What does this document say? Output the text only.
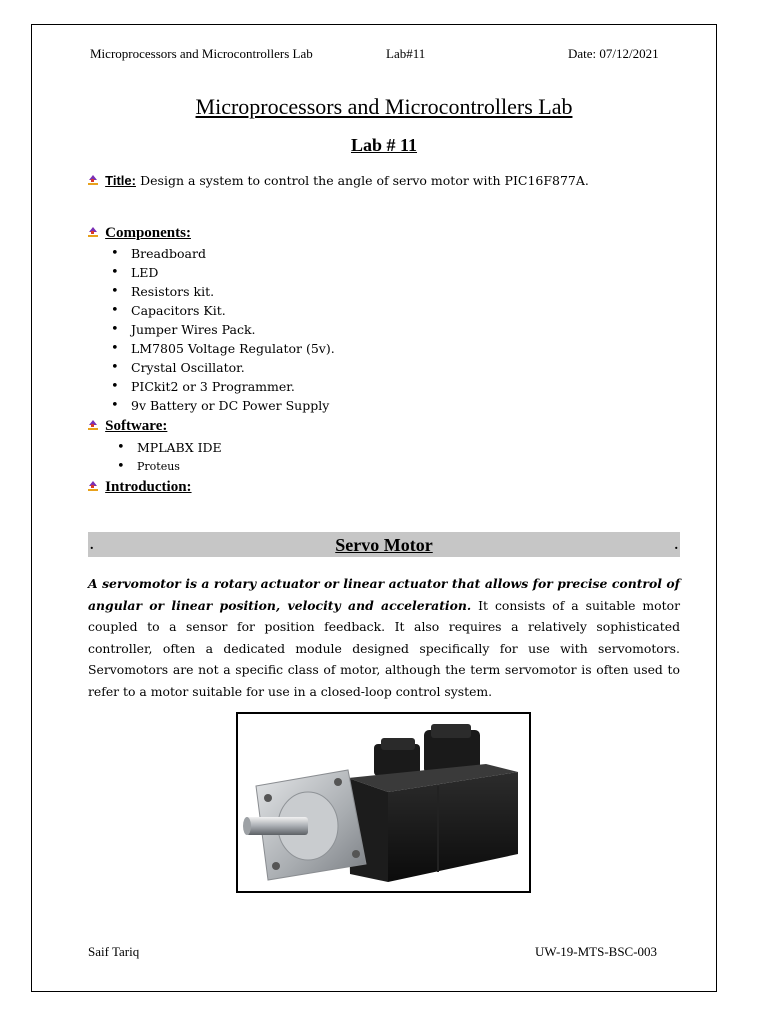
Microprocessors and Microcontrollers Lab	Lab#11	Date: 07/12/2021
Microprocessors and Microcontrollers Lab
Lab # 11
Title: Design a system to control the angle of servo motor with PIC16F877A.
Components:
• Breadboard
• LED
• Resistors kit.
• Capacitors Kit.
• Jumper Wires Pack.
• LM7805 Voltage Regulator (5v).
• Crystal Oscillator.
• PICkit2 or 3 Programmer.
• 9v Battery or DC Power Supply
Software:
• MPLABX IDE
• Proteus
Introduction:
.	Servo Motor	.
A servomotor is a rotary actuator or linear actuator that allows for precise control of angular or linear position, velocity and acceleration. It consists of a suitable motor coupled to a sensor for position feedback. It also requires a relatively sophisticated controller, often a dedicated module designed specifically for use with servomotors. Servomotors are not a specific class of motor, although the term servomotor is often used to refer to a motor suitable for use in a closed-loop control system.
Saif Tariq	UW-19-MTS-BSC-003
